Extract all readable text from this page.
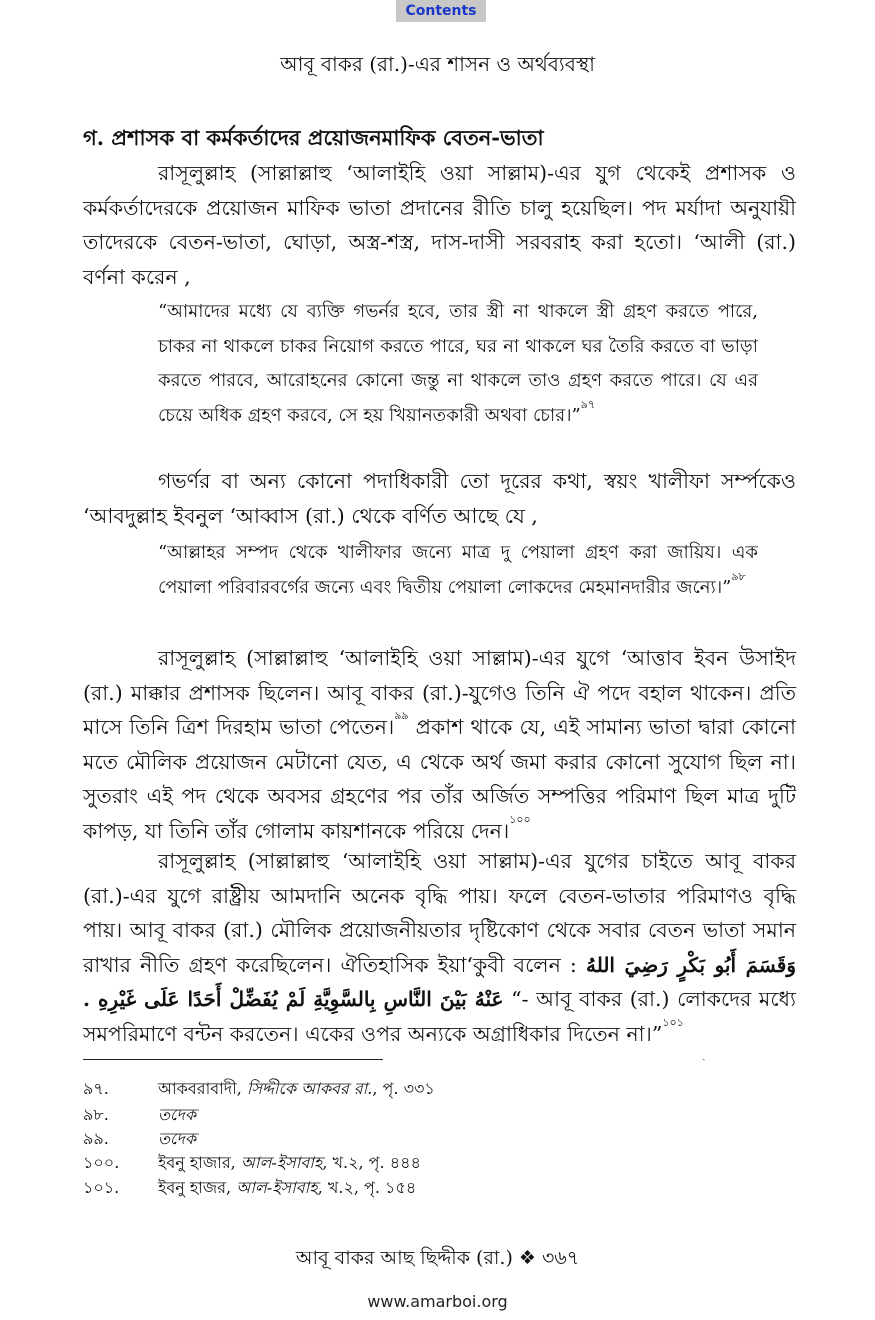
Contents
আবূ বাকর (রা.)-এর শাসন ও অর্থব্যবস্থা
গ. প্রশাসক বা কর্মকর্তাদের প্রয়োজনমাফিক বেতন-ভাতা

রাসূলুল্লাহ (সাল্লাল্লাহু ‘আলাইহি ওয়া সাল্লাম)-এর যুগ থেকেই প্রশাসক ও কর্মকর্তাদেরকে প্রয়োজন মাফিক ভাতা প্রদানের রীতি চালু হয়েছিল। পদ মর্যাদা অনুযায়ী তাদেরকে বেতন-ভাতা, ঘোড়া, অস্ত্র-শস্ত্র, দাস-দাসী সরবরাহ করা হতো। ‘আলী (রা.) বর্ণনা করেন ,

“আমাদের মধ্যে যে ব্যক্তি গভর্নর হবে, তার স্ত্রী না থাকলে স্ত্রী গ্রহণ করতে পারে, চাকর না থাকলে চাকর নিয়োগ করতে পারে, ঘর না থাকলে ঘর তৈরি করতে বা ভাড়া করতে পারবে, আরোহনের কোনো জন্তু না থাকলে তাও গ্রহণ করতে পারে। যে এর চেয়ে অধিক গ্রহণ করবে, সে হয় খিয়ানতকারী অথবা চোর।”$^{৯৭}$

গভর্ণর বা অন্য কোনো পদাধিকারী তো দূরের কথা, স্বয়ং খালীফা সর্ম্পকেও ‘আবদুল্লাহ ইবনুল ‘আব্বাস (রা.) থেকে বর্ণিত আছে যে ,

“আল্লাহর সম্পদ থেকে খালীফার জন্যে মাত্র দু পেয়ালা গ্রহণ করা জায়িয। এক পেয়ালা পরিবারবর্গের জন্যে এবং দ্বিতীয় পেয়ালা লোকদের মেহমানদারীর জন্যে।”$^{৯৮}$

রাসূলুল্লাহ (সাল্লাল্লাহু ‘আলাইহি ওয়া সাল্লাম)-এর যুগে ‘আত্তাব ইবন উসাইদ (রা.) মাক্কার প্রশাসক ছিলেন। আবূ বাকর (রা.)-যুগেও তিনি ঐ পদে বহাল থাকেন। প্রতি মাসে তিনি ত্রিশ দিরহাম ভাতা পেতেন।$^{৯৯}$ প্রকাশ থাকে যে, এই সামান্য ভাতা দ্বারা কোনো মতে মৌলিক প্রয়োজন মেটানো যেত, এ থেকে অর্থ জমা করার কোনো সুযোগ ছিল না। সুতরাং এই পদ থেকে অবসর গ্রহণের পর তাঁর অর্জিত সম্পত্তির পরিমাণ ছিল মাত্র দুটি কাপড়, যা তিনি তাঁর গোলাম কায়শানকে পরিয়ে দেন।$^{১০০}$

রাসূলুল্লাহ (সাল্লাল্লাহু ‘আলাইহি ওয়া সাল্লাম)-এর যুগের চাইতে আবূ বাকর (রা.)-এর যুগে রাষ্ট্রীয় আমদানি অনেক বৃদ্ধি পায়। ফলে বেতন-ভাতার পরিমাণও বৃদ্ধি পায়। আবূ বাকর (রা.) মৌলিক প্রয়োজনীয়তার দৃষ্টিকোণ থেকে সবার বেতন ভাতা সমান রাখার নীতি গ্রহণ করেছিলেন। ঐতিহাসিক ইয়া‘কুবী বলেন : وَقَسَمَ أَبُو بَكْرٍ رَضِيَ اللهُ عَنْهُ بَيْنَ النَّاسِ بِالسَّوِيَّةِ لَمْ يُفَضِّلْ أَحَدًا عَلَى غَيْرِهِ . “- আবূ বাকর (রা.) লোকদের মধ্যে সমপরিমাণে বন্টন করতেন। একের ওপর অন্যকে অগ্রাধিকার দিতেন না।”$^{১০১}$

ˎ
৯৭.	আকবরাবাদী, সিদ্দীকে আকবর রা., পৃ. ৩৩১
৯৮.	তদেক
৯৯.	তদেক
১০০. ইবনু হাজার, আল-ইসাবাহ, খ.২, পৃ. ৪৪৪
১০১. ইবনু হাজর, আল-ইসাবাহ, খ.২, পৃ. ১৫৪
আবূ বাকর আছ ছিদ্দীক (রা.) ❖ ৩৬৭
www.amarboi.org
